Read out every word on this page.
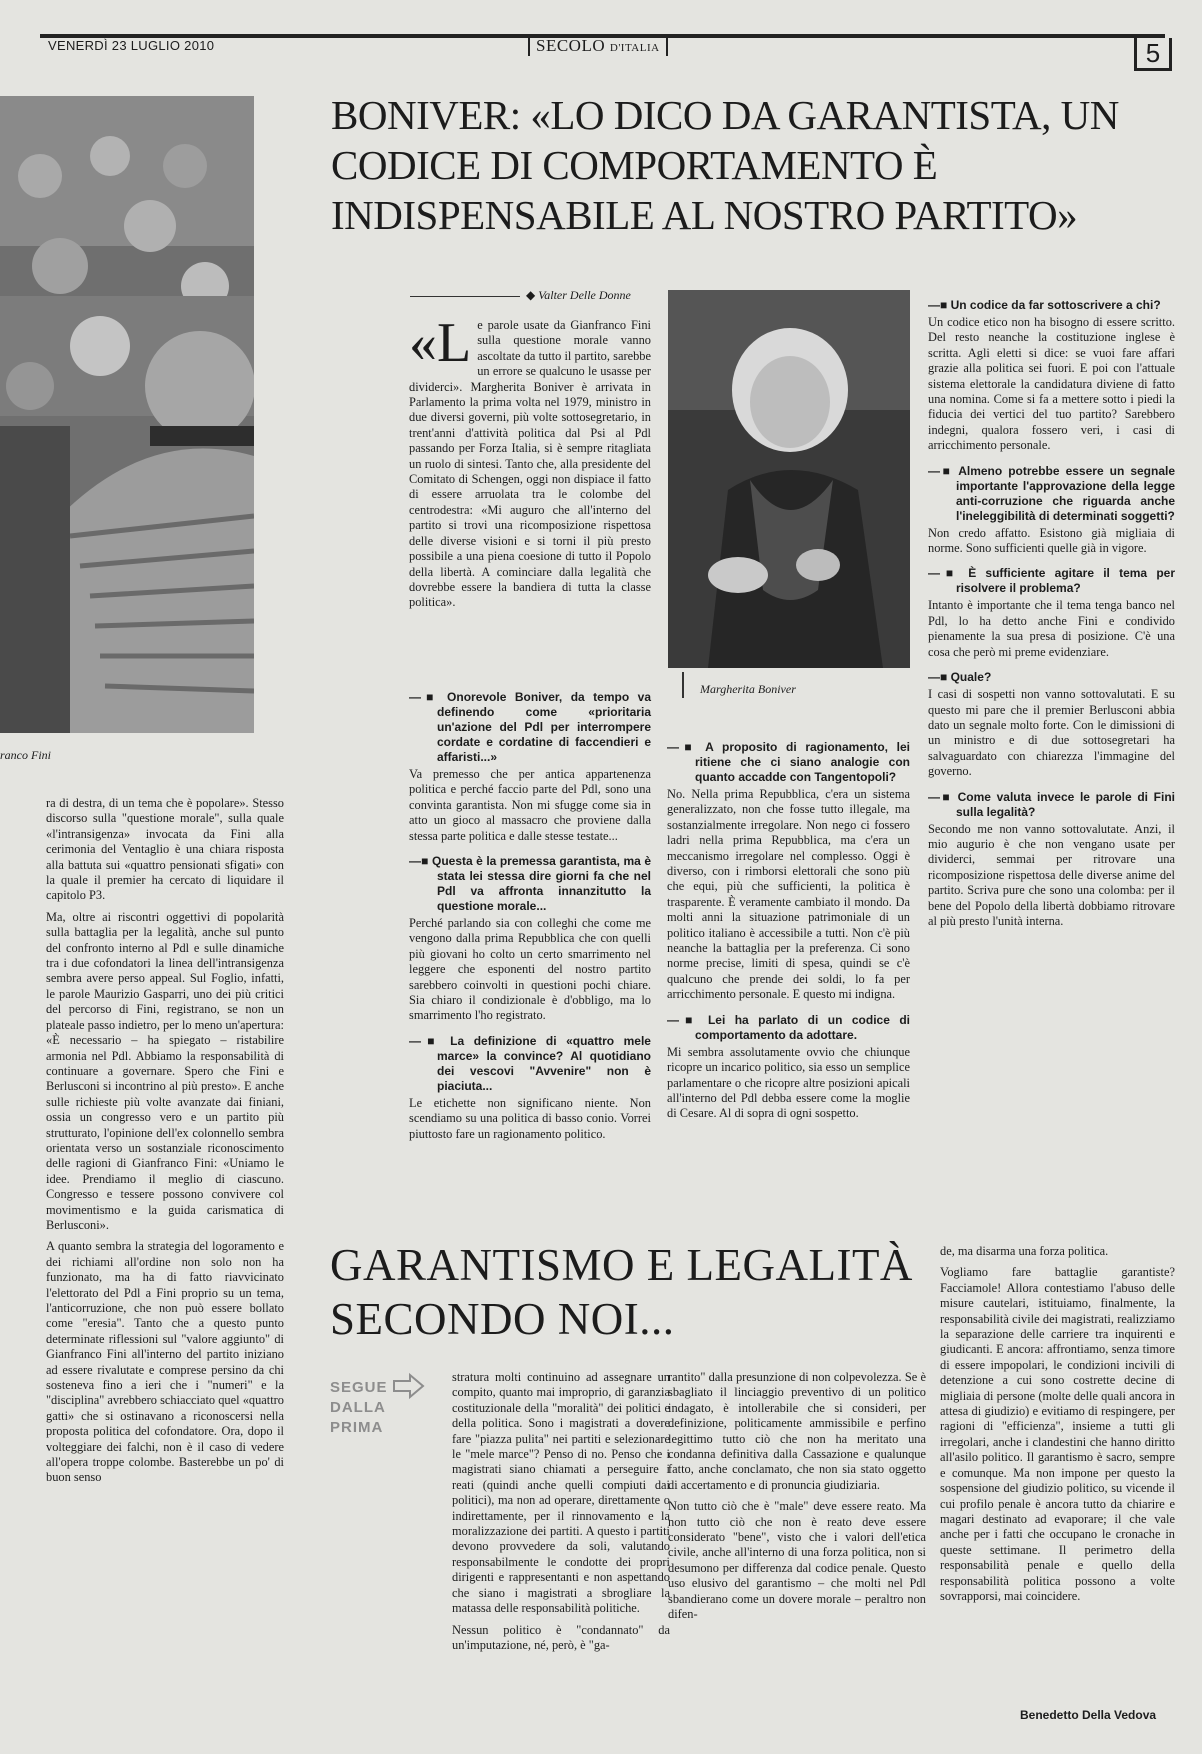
VENERDÌ 23 LUGLIO 2010	SECOLO D'ITALIA	5
ranco Fini
BONIVER: «LO DICO DA GARANTISTA, UN CODICE DI COMPORTAMENTO È INDISPENSABILE AL NOSTRO PARTITO»
◆ Valter Delle Donne

«L e parole usate da Gianfranco Fini sulla questione morale vanno ascoltate da tutto il partito, sarebbe un errore se qualcuno le usasse per dividerci». Margherita Boniver è arrivata in Parlamento la prima volta nel 1979, ministro in due diversi governi, più volte sottosegretario, in trent'anni d'attività politica dal Psi al Pdl passando per Forza Italia, si è sempre ritagliata un ruolo di sintesi. Tanto che, alla presidente del Comitato di Schengen, oggi non dispiace il fatto di essere arruolata tra le colombe del centrodestra: «Mi auguro che all'interno del partito si trovi una ricomposizione rispettosa delle diverse visioni e si torni il più presto possibile a una piena coesione di tutto il Popolo della libertà. A cominciare dalla legalità che dovrebbe essere la bandiera di tutta la classe politica».

—■ Onorevole Boniver, da tempo va definendo come «prioritaria un'azione del Pdl per interrompere cordate e cordatine di faccendieri e affaristi...»

Va premesso che per antica appartenenza politica e perché faccio parte del Pdl, sono una convinta garantista. Non mi sfugge come sia in atto un gioco al massacro che proviene dalla stessa parte politica e dalle stesse testate...

—■ Questa è la premessa garantista, ma è stata lei stessa dire giorni fa che nel Pdl va affronta innanzitutto la questione morale...

Perché parlando sia con colleghi che come me vengono dalla prima Repubblica che con quelli più giovani ho colto un certo smarrimento nel leggere che esponenti del nostro partito sarebbero coinvolti in questioni pochi chiare. Sia chiaro il condizionale è d'obbligo, ma lo smarrimento l'ho registrato.

—■ La definizione di «quattro mele marce» la convince? Al quotidiano dei vescovi "Avvenire" non è piaciuta...

Le etichette non significano niente. Non scendiamo su una politica di basso conio. Vorrei piuttosto fare un ragionamento politico.

Margherita Boniver
—■ A proposito di ragionamento, lei ritiene che ci siano analogie con quanto accadde con Tangentopoli?

No. Nella prima Repubblica, c'era un sistema generalizzato, non che fosse tutto illegale, ma sostanzialmente irregolare. Non nego ci fossero ladri nella prima Repubblica, ma c'era un meccanismo irregolare nel complesso. Oggi è diverso, con i rimborsi elettorali che sono più che equi, più che sufficienti, la politica è trasparente. È veramente cambiato il mondo. Da molti anni la situazione patrimoniale di un politico italiano è accessibile a tutti. Non c'è più neanche la battaglia per la preferenza. Ci sono norme precise, limiti di spesa, quindi se c'è qualcuno che prende dei soldi, lo fa per arricchimento personale. E questo mi indigna.

—■ Lei ha parlato di un codice di comportamento da adottare.

Mi sembra assolutamente ovvio che chiunque ricopre un incarico politico, sia esso un semplice parlamentare o che ricopre altre posizioni apicali all'interno del Pdl debba essere come la moglie di Cesare. Al di sopra di ogni sospetto.

—■ Un codice da far sottoscrivere a chi?

Un codice etico non ha bisogno di essere scritto. Del resto neanche la costituzione inglese è scritta. Agli eletti si dice: se vuoi fare affari grazie alla politica sei fuori. E poi con l'attuale sistema elettorale la candidatura diviene di fatto una nomina. Come si fa a mettere sotto i piedi la fiducia dei vertici del tuo partito? Sarebbero indegni, qualora fossero veri, i casi di arricchimento personale.

—■ Almeno potrebbe essere un segnale importante l'approvazione della legge anti-corruzione che riguarda anche l'ineleggibilità di determinati soggetti?

Non credo affatto. Esistono già migliaia di norme. Sono sufficienti quelle già in vigore.

—■ È sufficiente agitare il tema per risolvere il problema?

Intanto è importante che il tema tenga banco nel Pdl, lo ha detto anche Fini e condivido pienamente la sua presa di posizione. C'è una cosa che però mi preme evidenziare.

—■ Quale?

I casi di sospetti non vanno sottovalutati. E su questo mi pare che il premier Berlusconi abbia dato un segnale molto forte. Con le dimissioni di un ministro e di due sottosegretari ha salvaguardato con chiarezza l'immagine del governo.

—■ Come valuta invece le parole di Fini sulla legalità?

Secondo me non vanno sottovalutate. Anzi, il mio augurio è che non vengano usate per dividerci, semmai per ritrovare una ricomposizione rispettosa delle diverse anime del partito. Scriva pure che sono una colomba: per il bene del Popolo della libertà dobbiamo ritrovare al più presto l'unità interna.

ra di destra, di un tema che è popolare». Stesso discorso sulla "questione morale", sulla quale «l'intransigenza» invocata da Fini alla cerimonia del Ventaglio è una chiara risposta alla battuta sui «quattro pensionati sfigati» con la quale il premier ha cercato di liquidare il capitolo P3.

Ma, oltre ai riscontri oggettivi di popolarità sulla battaglia per la legalità, anche sul punto del confronto interno al Pdl e sulle dinamiche tra i due cofondatori la linea dell'intransigenza sembra avere perso appeal. Sul Foglio, infatti, le parole Maurizio Gasparri, uno dei più critici del percorso di Fini, registrano, se non un plateale passo indietro, per lo meno un'apertura: «È necessario – ha spiegato – ristabilire armonia nel Pdl. Abbiamo la responsabilità di continuare a governare. Spero che Fini e Berlusconi si incontrino al più presto». E anche sulle richieste più volte avanzate dai finiani, ossia un congresso vero e un partito più strutturato, l'opinione dell'ex colonnello sembra orientata verso un sostanziale riconoscimento delle ragioni di Gianfranco Fini: «Uniamo le idee. Prendiamo il meglio di ciascuno. Congresso e tessere possono convivere col movimentismo e la guida carismatica di Berlusconi».

A quanto sembra la strategia del logoramento e dei richiami all'ordine non solo non ha funzionato, ma ha di fatto riavvicinato l'elettorato del Pdl a Fini proprio su un tema, l'anticorruzione, che non può essere bollato come "eresia". Tanto che a questo punto determinate riflessioni sul "valore aggiunto" di Gianfranco Fini all'interno del partito iniziano ad essere rivalutate e comprese persino da chi sosteneva fino a ieri che i "numeri" e la "disciplina" avrebbero schiacciato quel «quattro gatti» che si ostinavano a riconoscersi nella proposta politica del cofondatore. Ora, dopo il volteggiare dei falchi, non è il caso di vedere all'opera troppe colombe. Basterebbe un po' di buon senso

GARANTISMO E LEGALITÀ
SECONDO NOI...
SEGUE DALLA PRIMA

stratura molti continuino ad assegnare un compito, quanto mai improprio, di garanzia costituzionale della "moralità" dei politici e della politica. Sono i magistrati a dovere fare "piazza pulita" nei partiti e selezionare le "mele marce"? Penso di no. Penso che i magistrati siano chiamati a perseguire i reati (quindi anche quelli compiuti dai politici), ma non ad operare, direttamente o indirettamente, per il rinnovamento e la moralizzazione dei partiti. A questo i partiti devono provvedere da soli, valutando responsabilmente le condotte dei propri dirigenti e rappresentanti e non aspettando che siano i magistrati a sbrogliare la matassa delle responsabilità politiche.

Nessun politico è "condannato" da un'imputazione, né, però, è "ga-

rantito" dalla presunzione di non colpevolezza. Se è sbagliato il linciaggio preventivo di un politico indagato, è intollerabile che si consideri, per definizione, politicamente ammissibile e perfino legittimo tutto ciò che non ha meritato una condanna definitiva dalla Cassazione e qualunque fatto, anche conclamato, che non sia stato oggetto di accertamento e di pronuncia giudiziaria.

Non tutto ciò che è "male" deve essere reato. Ma non tutto ciò che non è reato deve essere considerato "bene", visto che i valori dell'etica civile, anche all'interno di una forza politica, non si desumono per differenza dal codice penale. Questo uso elusivo del garantismo – che molti nel Pdl sbandierano come un dovere morale – peraltro non difen-

de, ma disarma una forza politica.

Vogliamo fare battaglie garantiste? Facciamole! Allora contestiamo l'abuso delle misure cautelari, istituiamo, finalmente, la responsabilità civile dei magistrati, realizziamo la separazione delle carriere tra inquirenti e giudicanti. E ancora: affrontiamo, senza timore di essere impopolari, le condizioni incivili di detenzione a cui sono costrette decine di migliaia di persone (molte delle quali ancora in attesa di giudizio) e evitiamo di respingere, per ragioni di "efficienza", insieme a tutti gli irregolari, anche i clandestini che hanno diritto all'asilo politico. Il garantismo è sacro, sempre e comunque. Ma non impone per questo la sospensione del giudizio politico, su vicende il cui profilo penale è ancora tutto da chiarire e magari destinato ad evaporare; il che vale anche per i fatti che occupano le cronache in queste settimane. Il perimetro della responsabilità penale e quello della responsabilità politica possono a volte sovrapporsi, mai coincidere.

Benedetto Della Vedova
